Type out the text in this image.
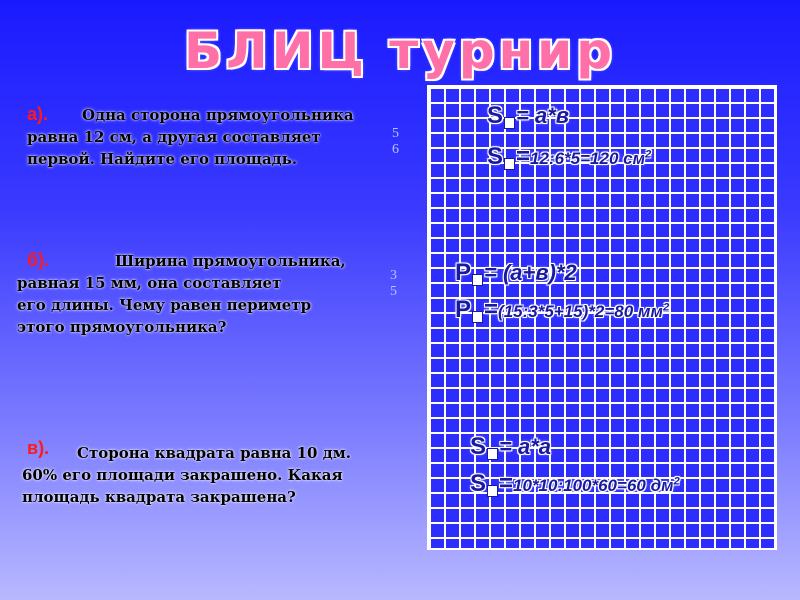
БЛИЦ турнир
а).	Одна сторона прямоугольника
равна 12 см, а другая составляет
первой. Найдите его площадь.
5
6
б).	Ширина прямоугольника,
равная 15 мм, она составляет
его длины. Чему равен периметр
этого прямоугольника?
3
5
в).	Сторона квадрата равна 10 дм.
60% его площади закрашено. Какая
площадь квадрата закрашена?
S = а*в
S =12:6*5=120 $см^2$
Р = (а+в)*2
Р =(15:3*5+15)*2=80 $мм^2$
S = а*а
S =10*10:100*60=60 $дм^2$
